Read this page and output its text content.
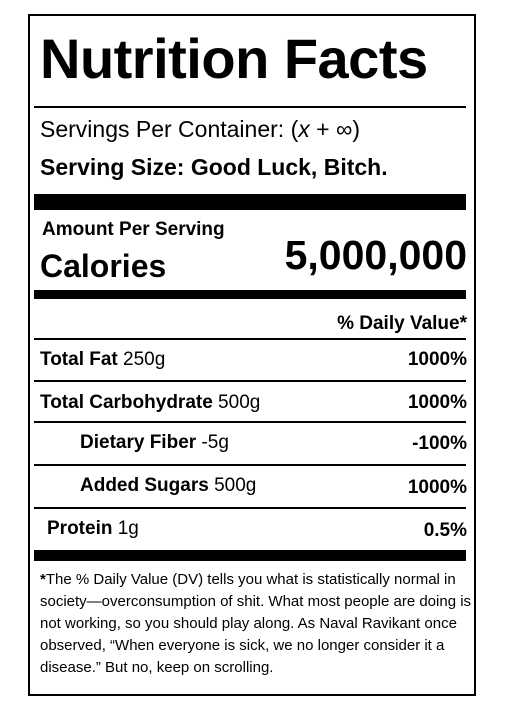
Nutrition Facts
Servings Per Container: (x + ∞)
Serving Size: Good Luck, Bitch.
Amount Per Serving
Calories	5,000,000
% Daily Value*
Total Fat 250g	1000%
Total Carbohydrate 500g	1000%
Dietary Fiber -5g	-100%
Added Sugars 500g	1000%
Protein 1g	0.5%
*The % Daily Value (DV) tells you what is statistically normal in society—overconsumption of shit. What most people are doing is not working, so you should play along. As Naval Ravikant once observed, “When everyone is sick, we no longer consider it a disease.” But no, keep on scrolling.
